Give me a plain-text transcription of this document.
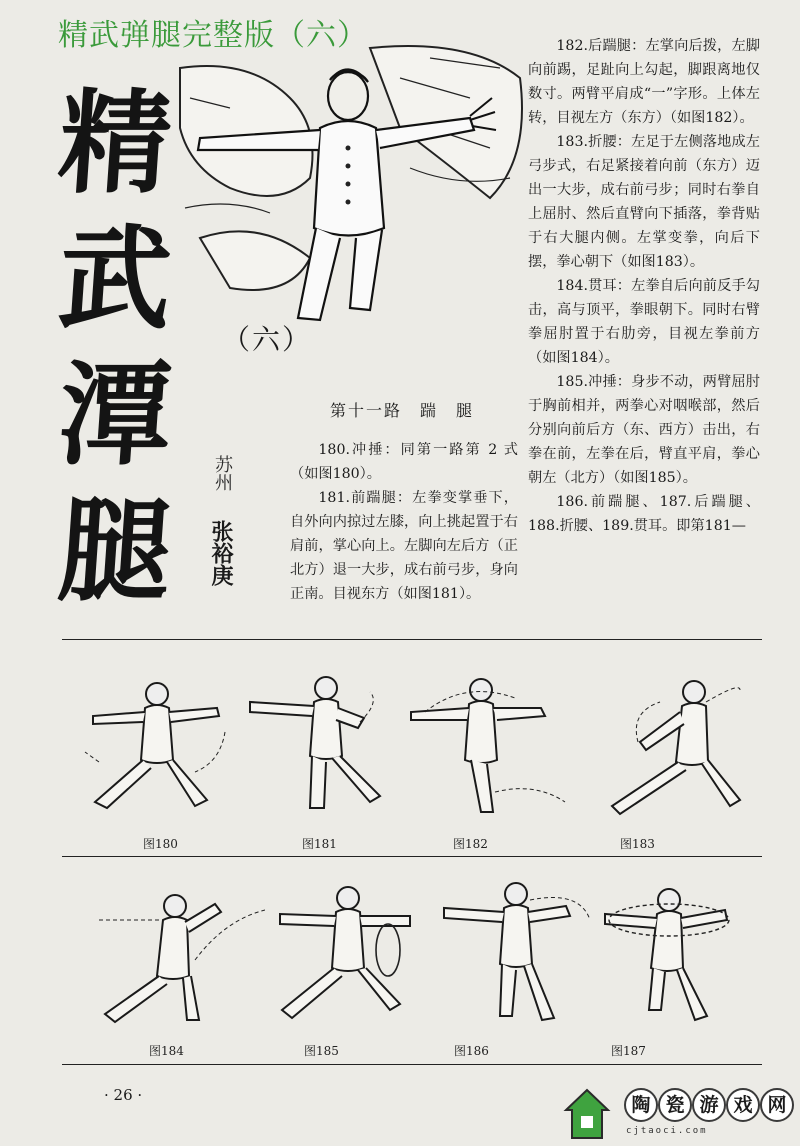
精武弹腿完整版（六）
精
武
潭
腿
（六）
第十一路　踹　腿
苏州
张裕庚

180.冲捶：同第一路第 2 式（如图180）。

181.前踹腿：左拳变掌垂下，自外向内掠过左膝，向上挑起置于右肩前，掌心向上。左脚向左后方（正北方）退一大步，成右前弓步，身向正南。目视东方（如图181）。

182.后踹腿：左掌向后拨，左脚向前踢，足趾向上勾起，脚跟离地仅数寸。两臂平肩成“一”字形。上体左转，目视左方（东方）（如图182）。

183.折腰：左足于左侧落地成左弓步式，右足紧接着向前（东方）迈出一大步，成右前弓步；同时右拳自上屈肘、然后直臂向下插落，拳背贴于右大腿内侧。左掌变拳，向后下摆，拳心朝下（如图183）。

184.贯耳：左拳自后向前反手勾击，高与顶平，拳眼朝下。同时右臂拳屈肘置于右肋旁，目视左拳前方（如图184）。

185.冲捶：身步不动，两臂屈肘于胸前相并，两拳心对咽喉部，然后分别向前后方（东、西方）击出，右拳在前，左拳在后，臂直平肩，拳心朝左（北方）（如图185）。

186.前踹腿、187.后踹腿、188.折腰、189.贯耳。即第181—

图180	图181	图182	图183
图184	图185	图186	图187
· 26 ·	陶 瓷 游 戏 网
cjtaoci.com
